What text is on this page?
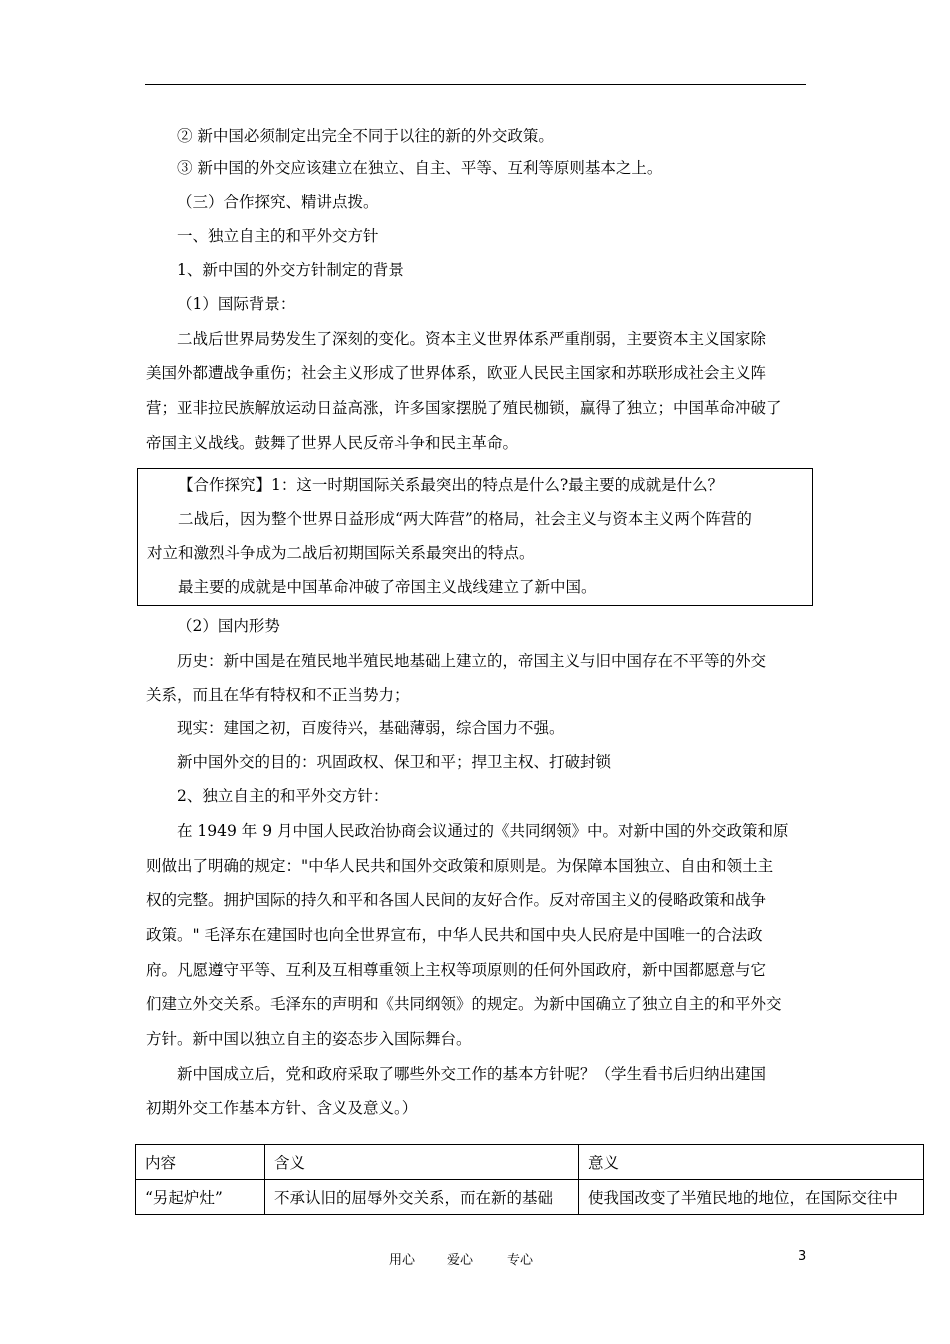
② 新中国必须制定出完全不同于以往的新的外交政策。

③ 新中国的外交应该建立在独立、自主、平等、互利等原则基本之上。

（三）合作探究、精讲点拨。

一、独立自主的和平外交方针

1、新中国的外交方针制定的背景

（1）国际背景：

二战后世界局势发生了深刻的变化。资本主义世界体系严重削弱，主要资本主义国家除

美国外都遭战争重伤；社会主义形成了世界体系，欧亚人民民主国家和苏联形成社会主义阵

营；亚非拉民族解放运动日益高涨，许多国家摆脱了殖民枷锁，赢得了独立；中国革命冲破了

帝国主义战线。鼓舞了世界人民反帝斗争和民主革命。

【合作探究】1：这一时期国际关系最突出的特点是什么?最主要的成就是什么？

二战后，因为整个世界日益形成“两大阵营”的格局，社会主义与资本主义两个阵营的

对立和激烈斗争成为二战后初期国际关系最突出的特点。

最主要的成就是中国革命冲破了帝国主义战线建立了新中国。

（2）国内形势

历史：新中国是在殖民地半殖民地基础上建立的，帝国主义与旧中国存在不平等的外交

关系，而且在华有特权和不正当势力；

现实：建国之初，百废待兴，基础薄弱，综合国力不强。

新中国外交的目的：巩固政权、保卫和平；捍卫主权、打破封锁

2、独立自主的和平外交方针：

在 1949 年 9 月中国人民政治协商会议通过的《共同纲领》中。对新中国的外交政策和原

则做出了明确的规定："中华人民共和国外交政策和原则是。为保障本国独立、自由和领土主

权的完整。拥护国际的持久和平和各国人民间的友好合作。反对帝国主义的侵略政策和战争

政策。" 毛泽东在建国时也向全世界宣布，中华人民共和国中央人民府是中国唯一的合法政

府。凡愿遵守平等、互利及互相尊重领上主权等项原则的任何外国政府，新中国都愿意与它

们建立外交关系。毛泽东的声明和《共同纲领》的规定。为新中国确立了独立自主的和平外交

方针。新中国以独立自主的姿态步入国际舞台。

新中国成立后，党和政府采取了哪些外交工作的基本方针呢？（学生看书后归纳出建国

初期外交工作基本方针、含义及意义。）

内容	含义	意义
“另起炉灶”	不承认旧的屈辱外交关系，而在新的基础	使我国改变了半殖民地的地位，在国际交往中
用心 爱心	专心	3
